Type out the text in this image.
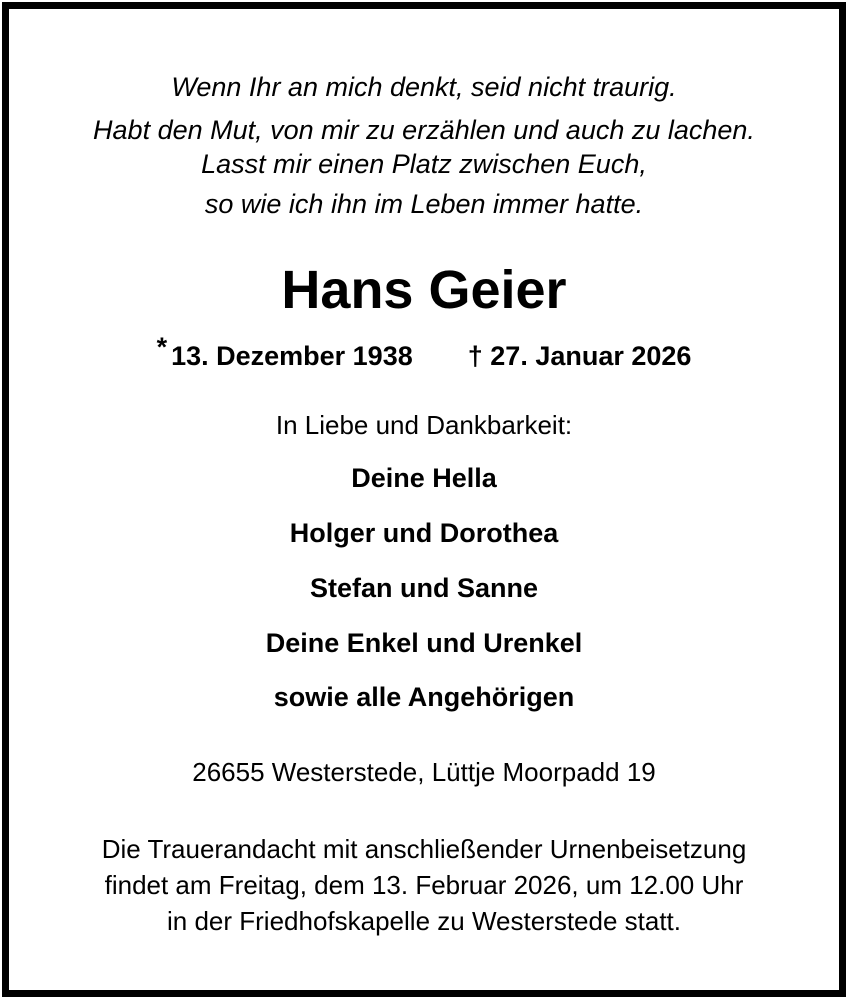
Wenn Ihr an mich denkt, seid nicht traurig.
Habt den Mut, von mir zu erzählen und auch zu lachen.
Lasst mir einen Platz zwischen Euch,
so wie ich ihn im Leben immer hatte.
Hans Geier
* 13. Dezember 1938 † 27. Januar 2026
In Liebe und Dankbarkeit:
Deine Hella
Holger und Dorothea
Stefan und Sanne
Deine Enkel und Urenkel
sowie alle Angehörigen
26655 Westerstede, Lüttje Moorpadd 19
Die Trauerandacht mit anschließender Urnenbeisetzung
findet am Freitag, dem 13. Februar 2026, um 12.00 Uhr
in der Friedhofskapelle zu Westerstede statt.
